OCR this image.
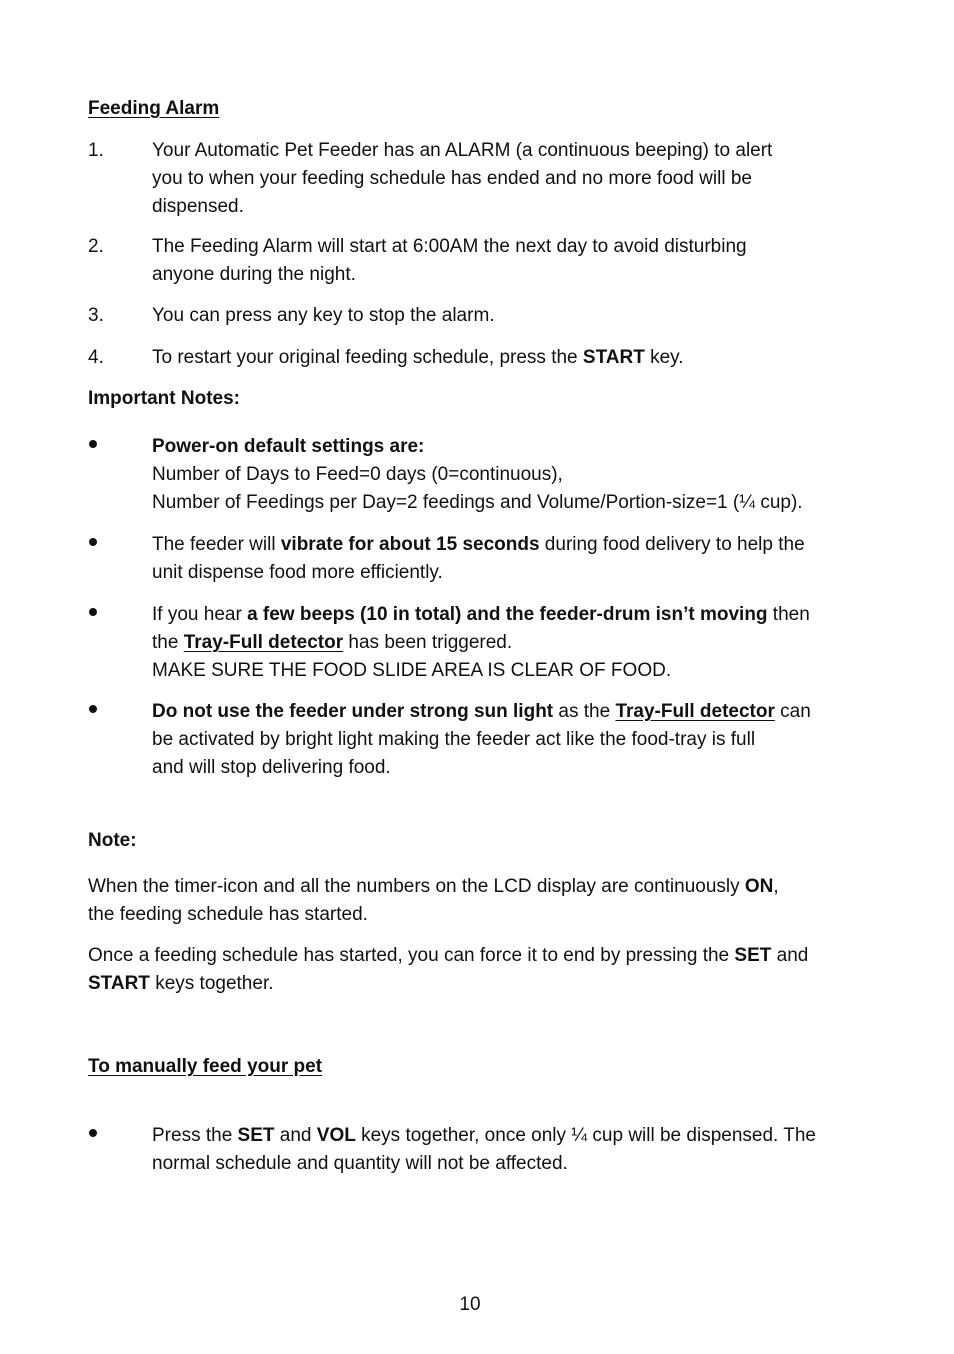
Feeding Alarm
1.	Your Automatic Pet Feeder has an ALARM (a continuous beeping) to alert
you to when your feeding schedule has ended and no more food will be
dispensed.
2.	The Feeding Alarm will start at 6:00AM the next day to avoid disturbing
anyone during the night.
3.	You can press any key to stop the alarm.
4.	To restart your original feeding schedule, press the START key.
Important Notes:
Power-on default settings are:
Number of Days to Feed=0 days (0=continuous),
Number of Feedings per Day=2 feedings and Volume/Portion-size=1 (¼ cup).
The feeder will vibrate for about 15 seconds during food delivery to help the
unit dispense food more efficiently.
If you hear a few beeps (10 in total) and the feeder-drum isn’t moving then
the Tray-Full detector has been triggered.
MAKE SURE THE FOOD SLIDE AREA IS CLEAR OF FOOD.
Do not use the feeder under strong sun light as the Tray-Full detector can
be activated by bright light making the feeder act like the food-tray is full
and will stop delivering food.
Note:
When the timer-icon and all the numbers on the LCD display are continuously ON,
the feeding schedule has started.
Once a feeding schedule has started, you can force it to end by pressing the SET and
START keys together.
To manually feed your pet
Press the SET and VOL keys together, once only ¼ cup will be dispensed. The
normal schedule and quantity will not be affected.
10
